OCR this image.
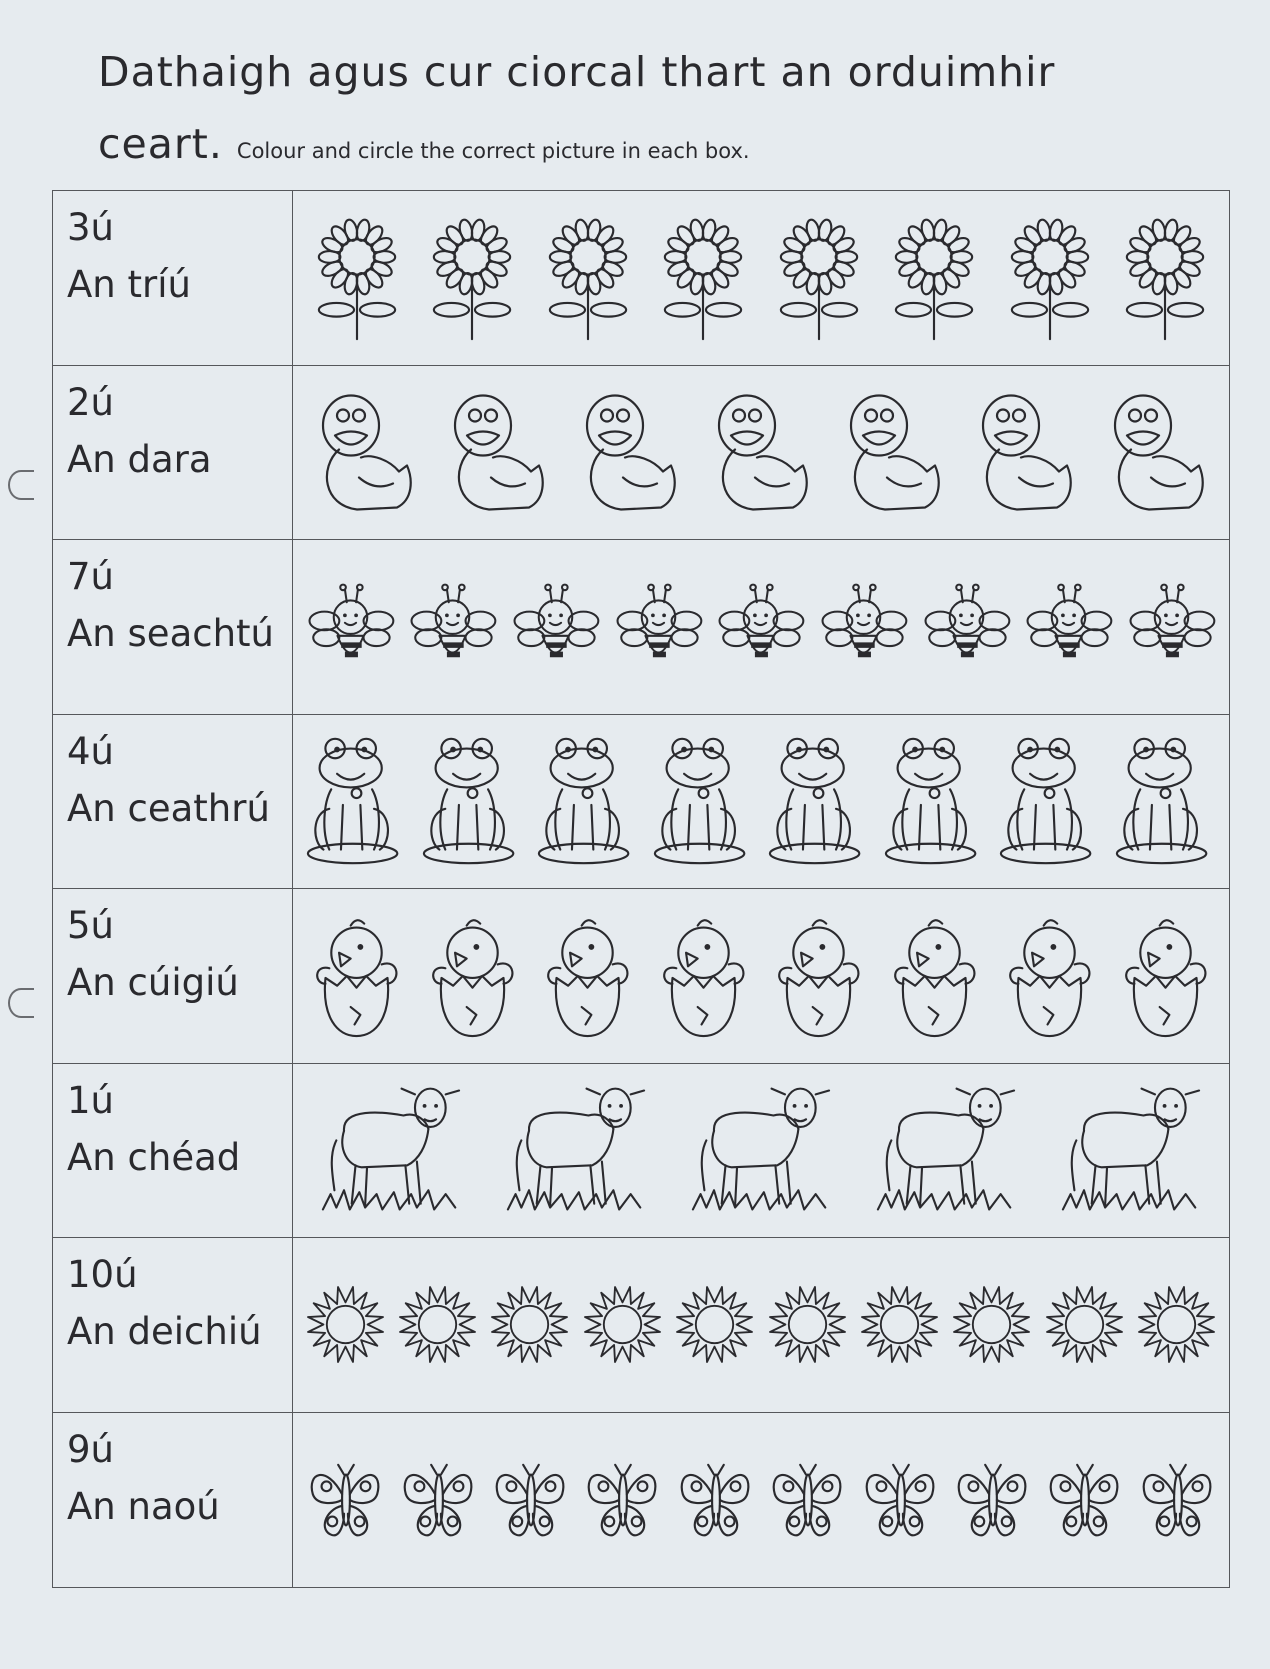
Dathaigh agus cur ciorcal thart an orduimhir
ceart. Colour and circle the correct picture in each box.
3ú
An tríú
2ú
An dara
7ú
An seachtú
4ú
An ceathrú
5ú
An cúigiú
1ú
An chéad
10ú
An deichiú
9ú
An naoú
